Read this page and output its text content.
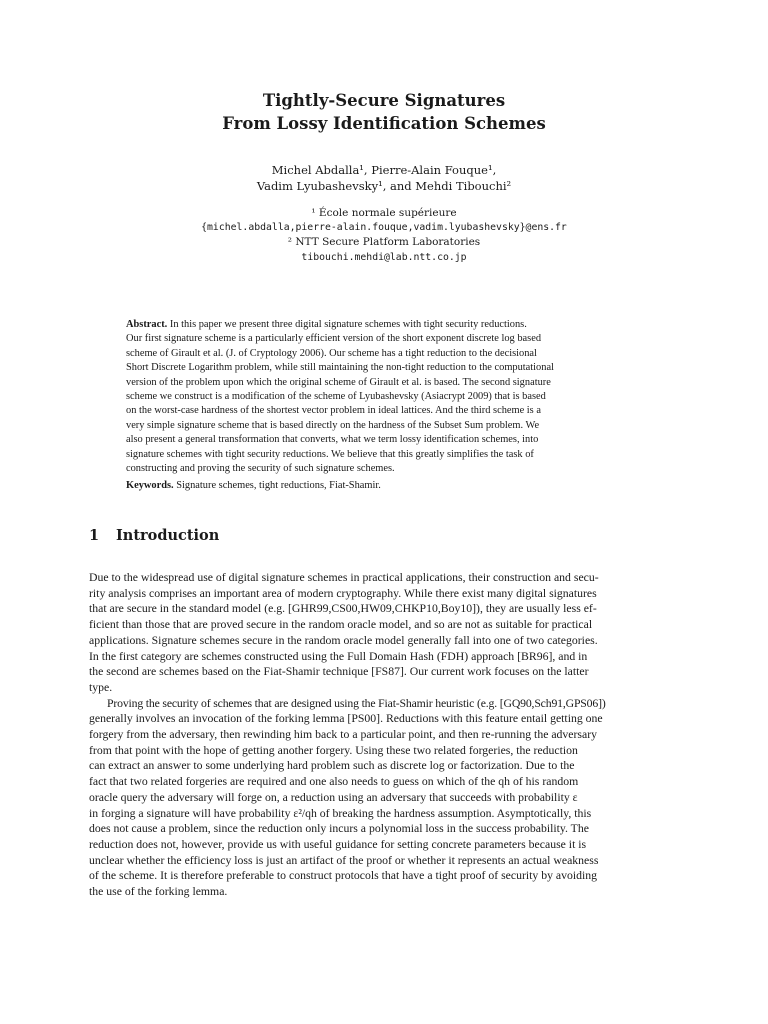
Tightly-Secure Signatures
From Lossy Identification Schemes
Michel Abdalla¹, Pierre-Alain Fouque¹,
Vadim Lyubashevsky¹, and Mehdi Tibouchi²
¹ École normale supérieure
{michel.abdalla,pierre-alain.fouque,vadim.lyubashevsky}@ens.fr
² NTT Secure Platform Laboratories
tibouchi.mehdi@lab.ntt.co.jp
Abstract. In this paper we present three digital signature schemes with tight security reductions.
Our first signature scheme is a particularly efficient version of the short exponent discrete log based
scheme of Girault et al. (J. of Cryptology 2006). Our scheme has a tight reduction to the decisional
Short Discrete Logarithm problem, while still maintaining the non-tight reduction to the computational
version of the problem upon which the original scheme of Girault et al. is based. The second signature
scheme we construct is a modification of the scheme of Lyubashevsky (Asiacrypt 2009) that is based
on the worst-case hardness of the shortest vector problem in ideal lattices. And the third scheme is a
very simple signature scheme that is based directly on the hardness of the Subset Sum problem. We
also present a general transformation that converts, what we term lossy identification schemes, into
signature schemes with tight security reductions. We believe that this greatly simplifies the task of
constructing and proving the security of such signature schemes.
Keywords. Signature schemes, tight reductions, Fiat-Shamir.
1 Introduction
Due to the widespread use of digital signature schemes in practical applications, their construction and secu-
rity analysis comprises an important area of modern cryptography. While there exist many digital signatures
that are secure in the standard model (e.g. [GHR99,CS00,HW09,CHKP10,Boy10]), they are usually less ef-
ficient than those that are proved secure in the random oracle model, and so are not as suitable for practical
applications. Signature schemes secure in the random oracle model generally fall into one of two categories.
In the first category are schemes constructed using the Full Domain Hash (FDH) approach [BR96], and in
the second are schemes based on the Fiat-Shamir technique [FS87]. Our current work focuses on the latter
type.
Proving the security of schemes that are designed using the Fiat-Shamir heuristic (e.g. [GQ90,Sch91,GPS06])
generally involves an invocation of the forking lemma [PS00]. Reductions with this feature entail getting one
forgery from the adversary, then rewinding him back to a particular point, and then re-running the adversary
from that point with the hope of getting another forgery. Using these two related forgeries, the reduction
can extract an answer to some underlying hard problem such as discrete log or factorization. Due to the
fact that two related forgeries are required and one also needs to guess on which of the qh of his random
oracle query the adversary will forge on, a reduction using an adversary that succeeds with probability ε
in forging a signature will have probability ε²/qh of breaking the hardness assumption. Asymptotically, this
does not cause a problem, since the reduction only incurs a polynomial loss in the success probability. The
reduction does not, however, provide us with useful guidance for setting concrete parameters because it is
unclear whether the efficiency loss is just an artifact of the proof or whether it represents an actual weakness
of the scheme. It is therefore preferable to construct protocols that have a tight proof of security by avoiding
the use of the forking lemma.
